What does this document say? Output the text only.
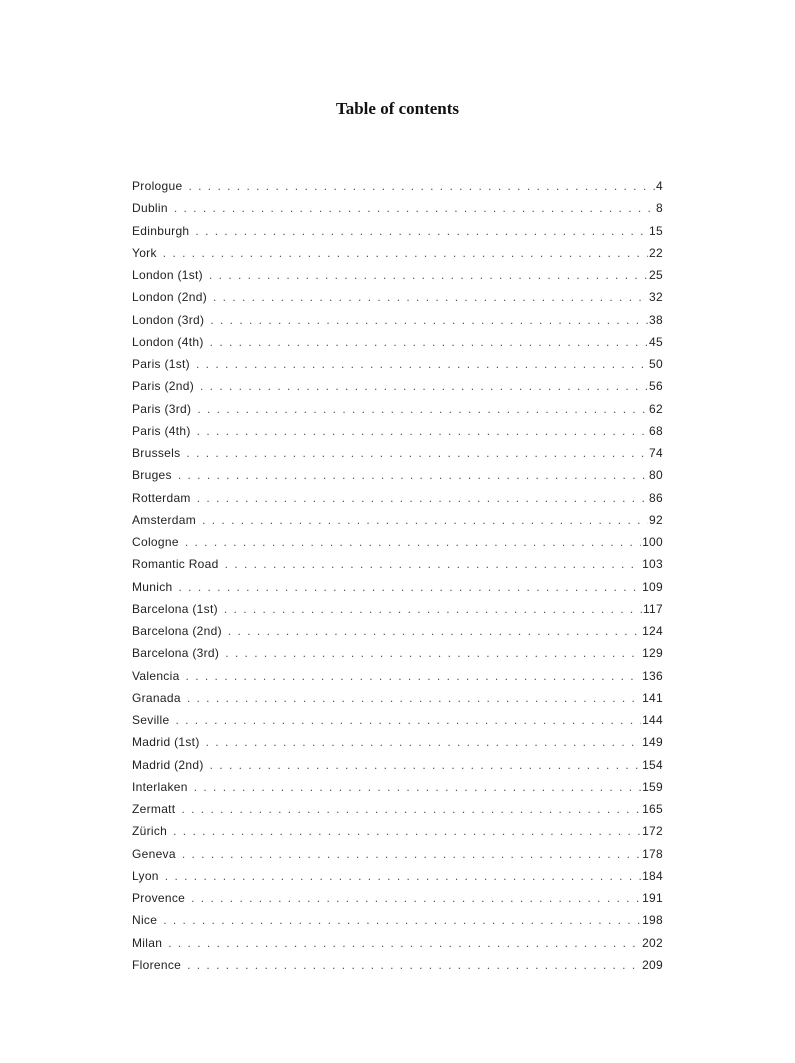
Table of contents
Prologue . . .	4
Dublin . . .	8
Edinburgh . . .	15
York . . .	22
London (1st) . . .	25
London (2nd) . . .	32
London (3rd) . . .	38
London (4th) . . .	45
Paris (1st) . . .	50
Paris (2nd) . . .	56
Paris (3rd) . . .	62
Paris (4th) . . .	68
Brussels . . .	74
Bruges . . .	80
Rotterdam . . .	86
Amsterdam . . .	92
Cologne . . .	100
Romantic Road . . .	103
Munich . . .	109
Barcelona (1st) . . .	117
Barcelona (2nd) . . .	124
Barcelona (3rd) . . .	129
Valencia . . .	136
Granada . . .	141
Seville . . .	144
Madrid (1st) . . .	149
Madrid (2nd) . . .	154
Interlaken . . .	159
Zermatt . . .	165
Zürich . . .	172
Geneva . . .	178
Lyon . . .	184
Provence . . .	191
Nice . . .	198
Milan . . .	202
Florence . . .	209
